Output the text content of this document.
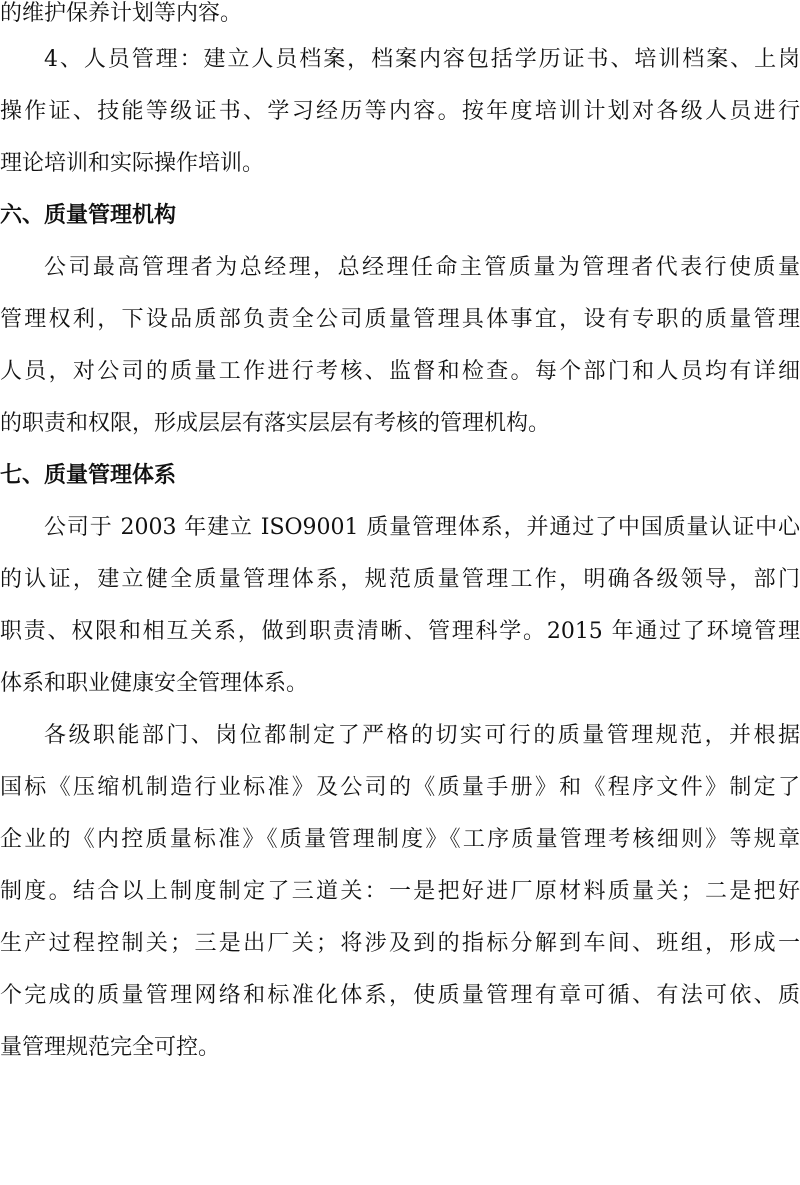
的维护保养计划等内容。
4、人员管理：建立人员档案，档案内容包括学历证书、培训档案、上岗
操作证、技能等级证书、学习经历等内容。按年度培训计划对各级人员进行
理论培训和实际操作培训。
六、质量管理机构
公司最高管理者为总经理，总经理任命主管质量为管理者代表行使质量
管理权利，下设品质部负责全公司质量管理具体事宜，设有专职的质量管理
人员，对公司的质量工作进行考核、监督和检查。每个部门和人员均有详细
的职责和权限，形成层层有落实层层有考核的管理机构。
七、质量管理体系
公司于 2003 年建立 ISO9001 质量管理体系，并通过了中国质量认证中心
的认证，建立健全质量管理体系，规范质量管理工作，明确各级领导，部门
职责、权限和相互关系，做到职责清晰、管理科学。2015 年通过了环境管理
体系和职业健康安全管理体系。
各级职能部门、岗位都制定了严格的切实可行的质量管理规范，并根据
国标《压缩机制造行业标准》及公司的《质量手册》和《程序文件》制定了
企业的《内控质量标准》《质量管理制度》《工序质量管理考核细则》等规章
制度。结合以上制度制定了三道关：一是把好进厂原材料质量关；二是把好
生产过程控制关；三是出厂关；将涉及到的指标分解到车间、班组，形成一
个完成的质量管理网络和标准化体系，使质量管理有章可循、有法可依、质
量管理规范完全可控。
